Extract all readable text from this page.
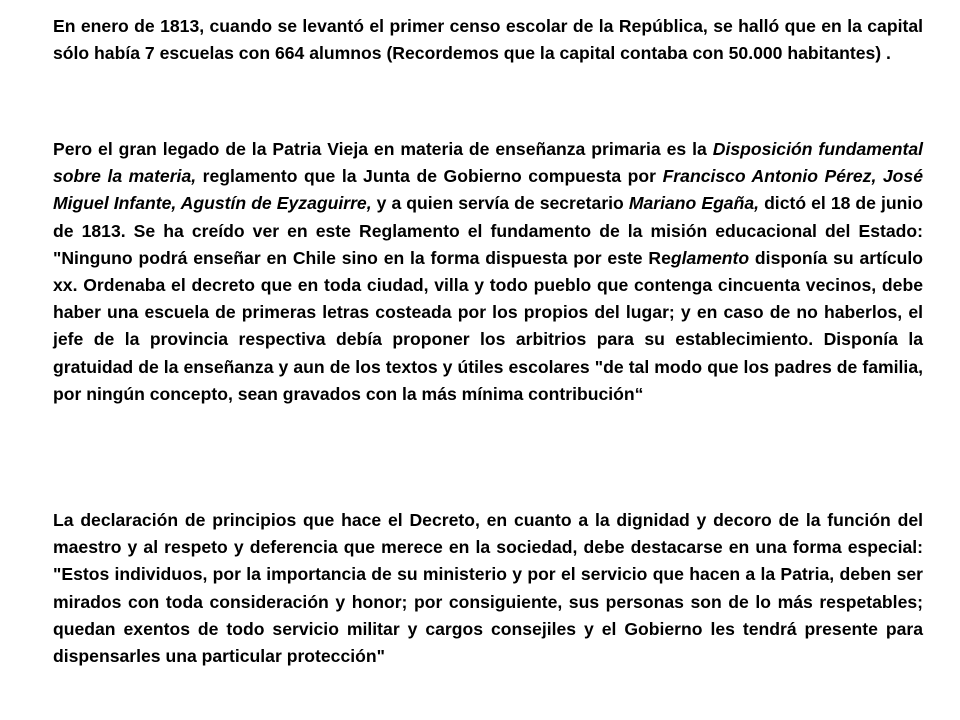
En enero de 1813, cuando se levantó el primer censo escolar de la República, se halló que en la capital sólo había 7 escuelas con 664 alumnos (Recordemos que la capital contaba con 50.000 habitantes) .

Pero el gran legado de la Patria Vieja en materia de enseñanza primaria es la Disposición fundamental sobre la materia, reglamento que la Junta de Gobierno compuesta por Francisco Antonio Pérez, José Miguel Infante, Agustín de Eyzaguirre, y a quien servía de secretario Mariano Egaña, dictó el 18 de junio de 1813. Se ha creído ver en este Reglamento el fundamento de la misión educacional del Estado: "Ninguno podrá enseñar en Chile sino en la forma dispuesta por este Reglamento disponía su artículo xx. Ordenaba el decreto que en toda ciudad, villa y todo pueblo que contenga cincuenta vecinos, debe haber una escuela de primeras letras costeada por los propios del lugar; y en caso de no haberlos, el jefe de la provincia respectiva debía proponer los arbitrios para su establecimiento. Disponía la gratuidad de la enseñanza y aun de los textos y útiles escolares "de tal modo que los padres de familia, por ningún concepto, sean gravados con la más mínima contribución“

La declaración de principios que hace el Decreto, en cuanto a la dignidad y decoro de la función del maestro y al respeto y deferencia que merece en la sociedad, debe destacarse en una forma especial: "Estos individuos, por la importancia de su ministerio y por el servicio que hacen a la Patria, deben ser mirados con toda consideración y honor; por consiguiente, sus personas son de lo más respetables; quedan exentos de todo servicio militar y cargos consejiles y el Gobierno les tendrá presente para dispensarles una particular protección"
